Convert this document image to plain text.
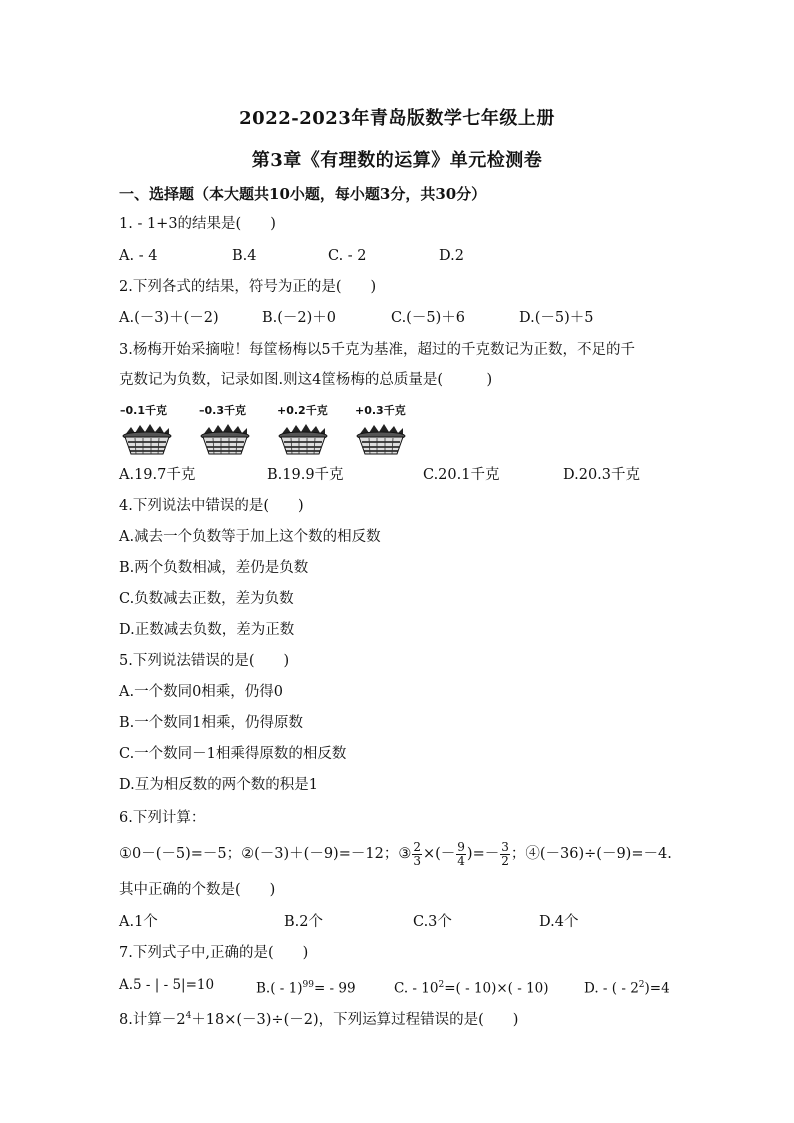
2022-2023年青岛版数学七年级上册
第3章《有理数的运算》单元检测卷
一、选择题（本大题共10小题，每小题3分，共30分）
1. - 1+3的结果是(　　)
A. - 4	B.4	C. - 2	D.2
2.下列各式的结果，符号为正的是(　　)
A.(－3)＋(－2)	B.(－2)＋0	C.(－5)＋6	D.(－5)＋5
3.杨梅开始采摘啦！每筐杨梅以5千克为基准，超过的千克数记为正数，不足的千
克数记为负数，记录如图.则这4筐杨梅的总质量是(　　　)
–0.1千克	–0.3千克	+0.2千克 +0.3千克
A.19.7千克	B.19.9千克	C.20.1千克	D.20.3千克
4.下列说法中错误的是(　　)
A.减去一个负数等于加上这个数的相反数
B.两个负数相减，差仍是负数
C.负数减去正数，差为负数
D.正数减去负数，差为正数
5.下列说法错误的是(　　)
A.一个数同0相乘，仍得0
B.一个数同1相乘，仍得原数
C.一个数同－1相乘得原数的相反数
D.互为相反数的两个数的积是1
6.下列计算：
①0－(－5)=－5；②(－3)＋(－9)=－12；③ $\frac{2}{3}$ ×(－ $\frac{9}{4}$ )=－ $\frac{3}{2}$ ；④(－36)÷(－9)=－4.
其中正确的个数是(　　)
A.1个	B.2个	C.3个	D.4个
7.下列式子中,正确的是(　　)
A.5 - | - 5|=10	B.( - 1)$^{99}$= - 99	C. - $10^2=( - 10)\times( - 10)$	D. - ( - $2^2)=4$
8.计算$-2^4+18\times(-3)\div(-2)$，下列运算过程错误的是(　　)
